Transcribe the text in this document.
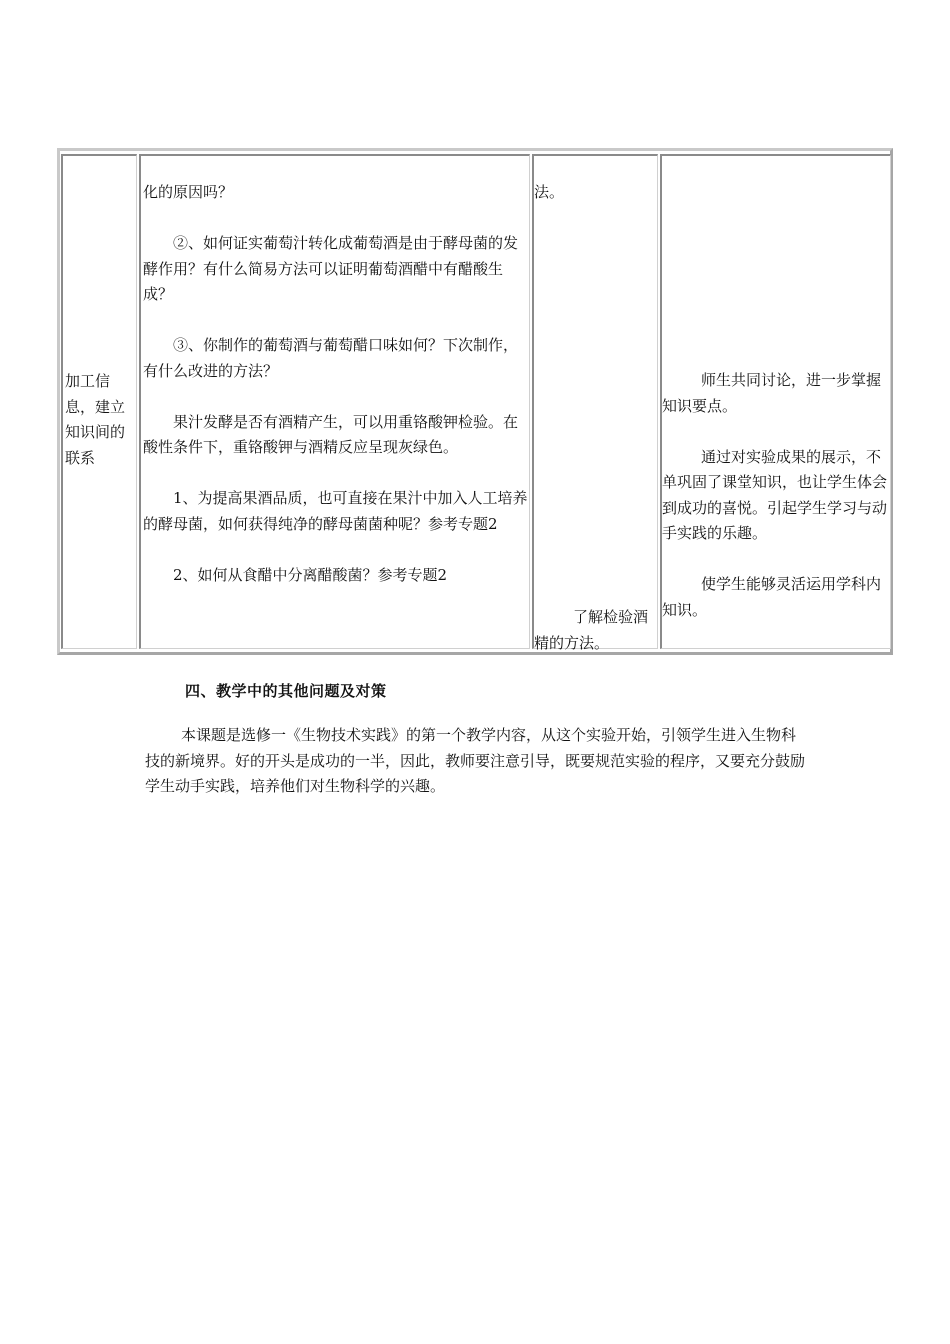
加工信息，建立知识间的联系

化的原因吗？

②、如何证实葡萄汁转化成葡萄酒是由于酵母菌的发酵作用？有什么简易方法可以证明葡萄酒醋中有醋酸生成？

③、你制作的葡萄酒与葡萄醋口味如何？下次制作，有什么改进的方法？

果汁发酵是否有酒精产生，可以用重铬酸钾检验。在酸性条件下，重铬酸钾与酒精反应呈现灰绿色。

1、为提高果酒品质，也可直接在果汁中加入人工培养的酵母菌，如何获得纯净的酵母菌菌种呢？参考专题2

2、如何从食醋中分离醋酸菌？参考专题2

法。
了解检验酒精的方法。

师生共同讨论，进一步掌握知识要点。

通过对实验成果的展示，不单巩固了课堂知识，也让学生体会到成功的喜悦。引起学生学习与动手实践的乐趣。

使学生能够灵活运用学科内知识。

四、教学中的其他问题及对策
本课题是选修一《生物技术实践》的第一个教学内容，从这个实验开始，引领学生进入生物科技的新境界。好的开头是成功的一半，因此，教师要注意引导，既要规范实验的程序，又要充分鼓励学生动手实践，培养他们对生物科学的兴趣。
